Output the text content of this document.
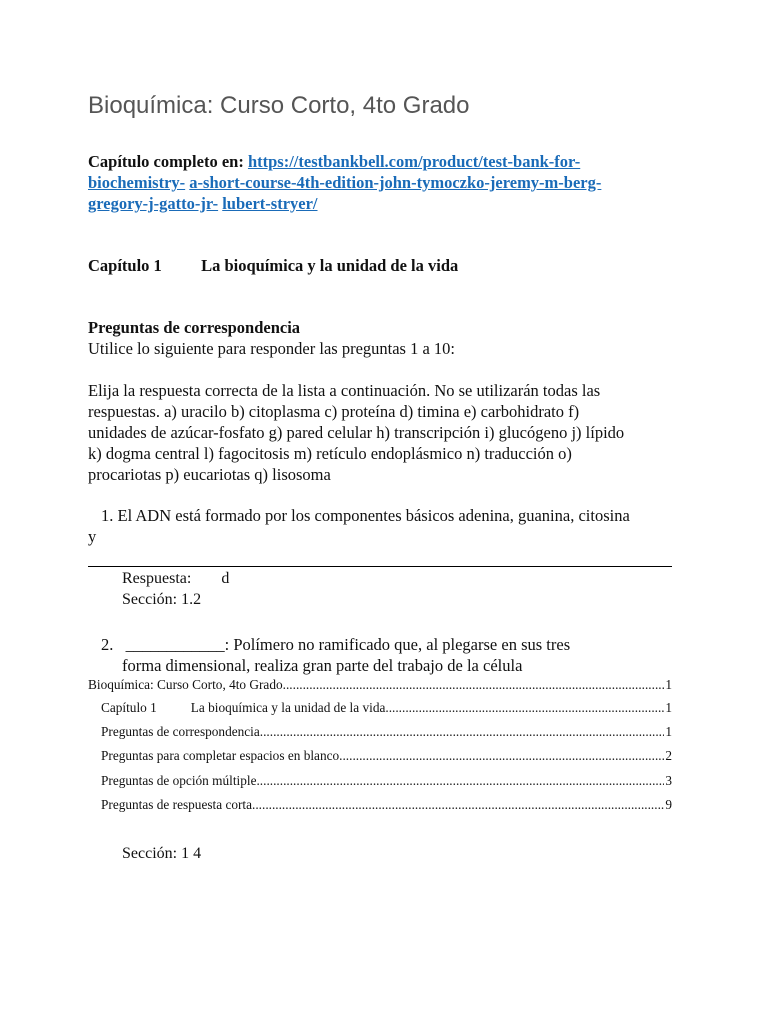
Bioquímica: Curso Corto, 4to Grado
Capítulo completo en: https://testbankbell.com/product/test-bank-for-
biochemistry- a-short-course-4th-edition-john-tymoczko-jeremy-m-berg-
gregory-j-gatto-jr- lubert-stryer/
Capítulo 1 La bioquímica y la unidad de la vida
Preguntas de correspondencia
Utilice lo siguiente para responder las preguntas 1 a 10:
Elija la respuesta correcta de la lista a continuación. No se utilizarán todas las
respuestas. a) uracilo b) citoplasma c) proteína d) timina e) carbohidrato f)
unidades de azúcar-fosfato g) pared celular h) transcripción i) glucógeno j) lípido
k) dogma central l) fagocitosis m) retículo endoplásmico n) traducción o)
procariotas p) eucariotas q) lisosoma
1. El ADN está formado por los componentes básicos adenina, guanina, citosina
y
Respuesta: d
Sección: 1.2
2. ____________: Polímero no ramificado que, al plegarse en sus tres
forma dimensional, realiza gran parte del trabajo de la célula
Bioquímica: Curso Corto, 4to Grado .....	1
Capítulo 1	La bioquímica y la unidad de la vida .....	1
Preguntas de correspondencia .....	1
Preguntas para completar espacios en blanco .....	2
Preguntas de opción múltiple .....	3
Preguntas de respuesta corta .....	9
Sección: 1 4
